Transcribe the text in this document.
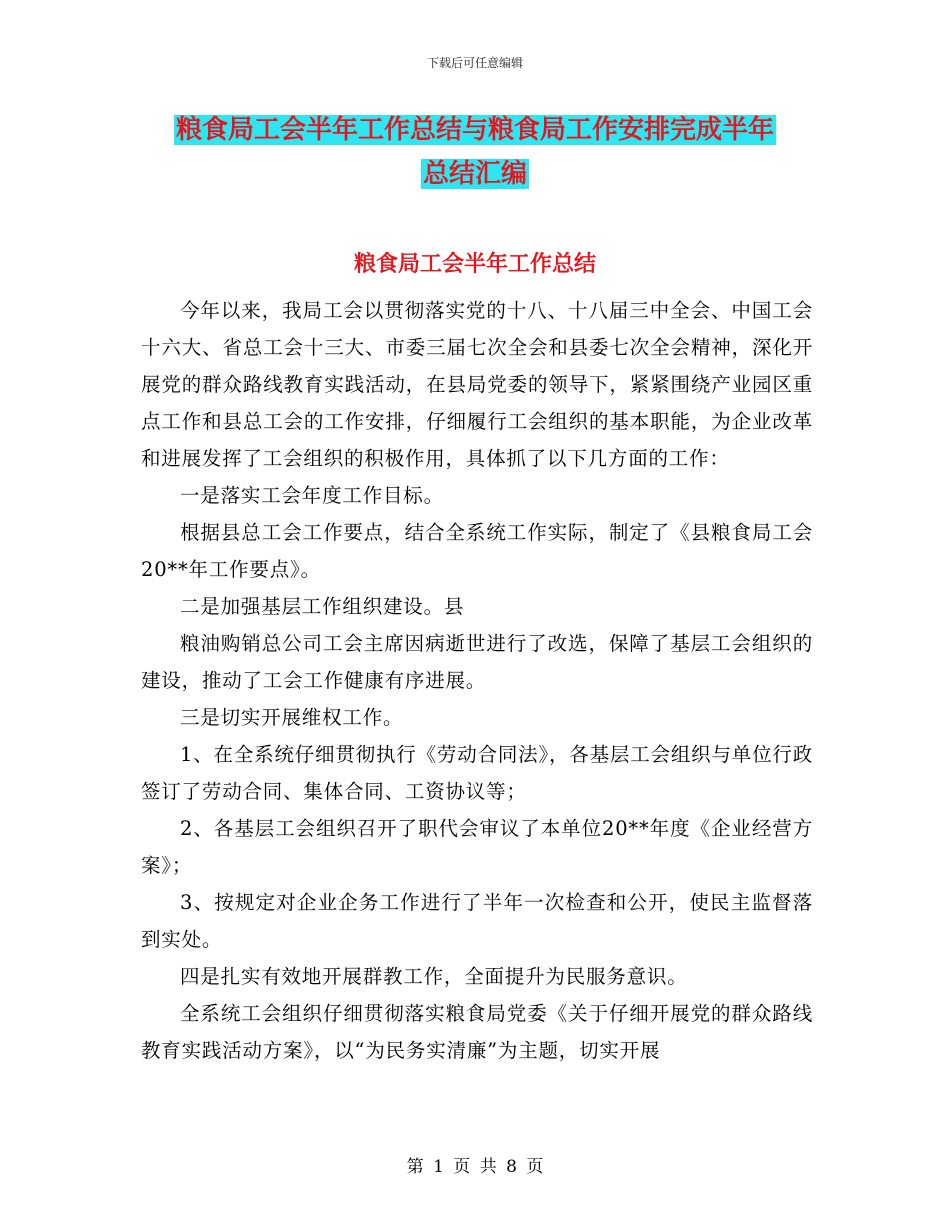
下载后可任意编辑
粮食局工会半年工作总结与粮食局工作安排完成半年
总结汇编
粮食局工会半年工作总结

今年以来，我局工会以贯彻落实党的十八、十八届三中全会、中国工会十六大、省总工会十三大、市委三届七次全会和县委七次全会精神，深化开展党的群众路线教育实践活动，在县局党委的领导下，紧紧围绕产业园区重点工作和县总工会的工作安排，仔细履行工会组织的基本职能，为企业改革和进展发挥了工会组织的积极作用，具体抓了以下几方面的工作：

一是落实工会年度工作目标。

根据县总工会工作要点，结合全系统工作实际，制定了《县粮食局工会20**年工作要点》。

二是加强基层工作组织建设。县

粮油购销总公司工会主席因病逝世进行了改选，保障了基层工会组织的建设，推动了工会工作健康有序进展。

三是切实开展维权工作。

1、在全系统仔细贯彻执行《劳动合同法》，各基层工会组织与单位行政签订了劳动合同、集体合同、工资协议等；

2、各基层工会组织召开了职代会审议了本单位20**年度《企业经营方案》；

3、按规定对企业企务工作进行了半年一次检查和公开，使民主监督落到实处。

四是扎实有效地开展群教工作，全面提升为民服务意识。

全系统工会组织仔细贯彻落实粮食局党委《关于仔细开展党的群众路线教育实践活动方案》，以“为民务实清廉”为主题，切实开展

第 1 页 共 8 页
